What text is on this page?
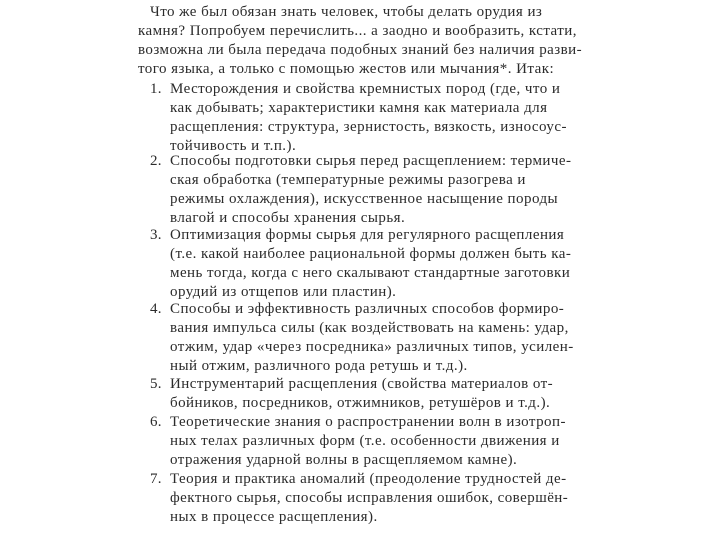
Что же был обязан знать человек, чтобы делать орудия из
камня? Попробуем перечислить... а заодно и вообразить, кстати,
возможна ли была передача подобных знаний без наличия разви-
того языка, а только с помощью жестов или мычания*. Итак:
1. Месторождения и свойства кремнистых пород (где, что и
как добывать; характеристики камня как материала для
расщепления: структура, зернистость, вязкость, износоус-
тойчивость и т.п.).
2. Способы подготовки сырья перед расщеплением: термиче-
ская обработка (температурные режимы разогрева и
режимы охлаждения), искусственное насыщение породы
влагой и способы хранения сырья.
3. Оптимизация формы сырья для регулярного расщепления
(т.е. какой наиболее рациональной формы должен быть ка-
мень тогда, когда с него скалывают стандартные заготовки
орудий из отщепов или пластин).
4. Способы и эффективность различных способов формиро-
вания импульса силы (как воздействовать на камень: удар,
отжим, удар «через посредника» различных типов, усилен-
ный отжим, различного рода ретушь и т.д.).
5. Инструментарий расщепления (свойства материалов от-
бойников, посредников, отжимников, ретушёров и т.д.).
6. Теоретические знания о распространении волн в изотроп-
ных телах различных форм (т.е. особенности движения и
отражения ударной волны в расщепляемом камне).
7. Теория и практика аномалий (преодоление трудностей де-
фектного сырья, способы исправления ошибок, совершён-
ных в процессе расщепления).
